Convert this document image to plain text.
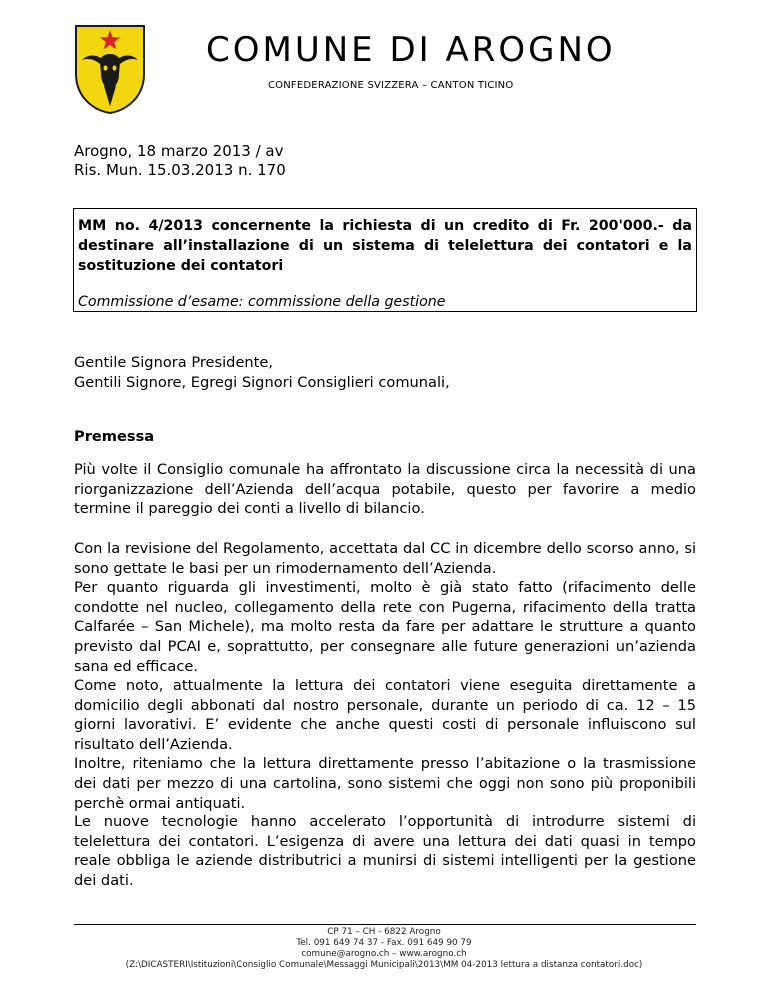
COMUNE DI AROGNO
CONFEDERAZIONE SVIZZERA – CANTON TICINO
Arogno, 18 marzo 2013 / av
Ris. Mun. 15.03.2013 n. 170

MM no. 4/2013 concernente la richiesta di un credito di Fr. 200'000.- da destinare all’installazione di un sistema di telelettura dei contatori e la sostituzione dei contatori

Commissione d’esame: commissione della gestione

Gentile Signora Presidente,

Gentili Signore, Egregi Signori Consiglieri comunali,

Premessa

Più volte il Consiglio comunale ha affrontato la discussione circa la necessità di una riorganizzazione dell’Azienda dell’acqua potabile, questo per favorire a medio termine il pareggio dei conti a livello di bilancio.

Con la revisione del Regolamento, accettata dal CC in dicembre dello scorso anno, si sono gettate le basi per un rimodernamento dell’Azienda.

Per quanto riguarda gli investimenti, molto è già stato fatto (rifacimento delle condotte nel nucleo, collegamento della rete con Pugerna, rifacimento della tratta Calfarée – San Michele), ma molto resta da fare per adattare le strutture a quanto previsto dal PCAI e, soprattutto, per consegnare alle future generazioni un’azienda sana ed efficace.

Come noto, attualmente la lettura dei contatori viene eseguita direttamente a domicilio degli abbonati dal nostro personale, durante un periodo di ca. 12 – 15 giorni lavorativi. E’ evidente che anche questi costi di personale influiscono sul risultato dell’Azienda.

Inoltre, riteniamo che la lettura direttamente presso l’abitazione o la trasmissione dei dati per mezzo di una cartolina, sono sistemi che oggi non sono più proponibili perchè ormai antiquati.

Le nuove tecnologie hanno accelerato l’opportunità di introdurre sistemi di telelettura dei contatori. L’esigenza di avere una lettura dei dati quasi in tempo reale obbliga le aziende distributrici a munirsi di sistemi intelligenti per la gestione dei dati.

CP 71 – CH - 6822 Arogno
Tel. 091 649 74 37 - Fax. 091 649 90 79
comune@arogno.ch – www.arogno.ch
(Z:\DICASTERI\Istituzioni\Consiglio Comunale\Messaggi Municipali\2013\MM 04-2013 lettura a distanza contatori.doc)
